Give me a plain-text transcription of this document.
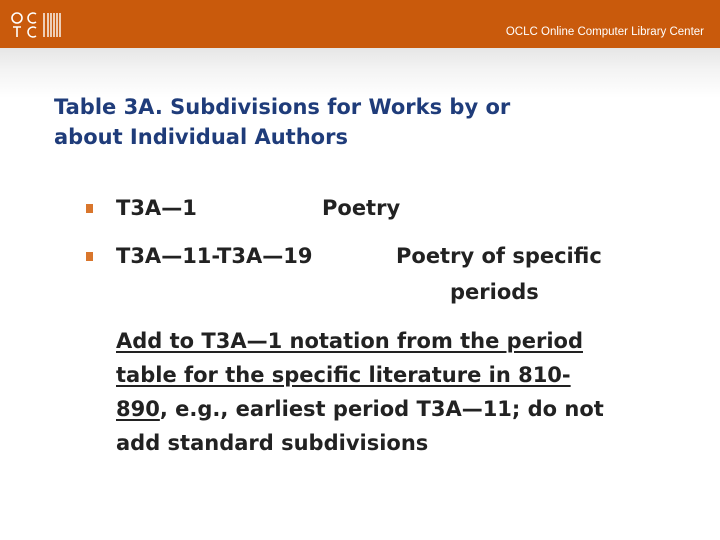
OCLC Online Computer Library Center
Table 3A. Subdivisions for Works by or
about Individual Authors
T3A—1	Poetry
T3A—11-T3A—19	Poetry of specific
periods
Add to T3A—1 notation from the period
table for the specific literature in 810-
890, e.g., earliest period T3A—11; do not
add standard subdivisions
